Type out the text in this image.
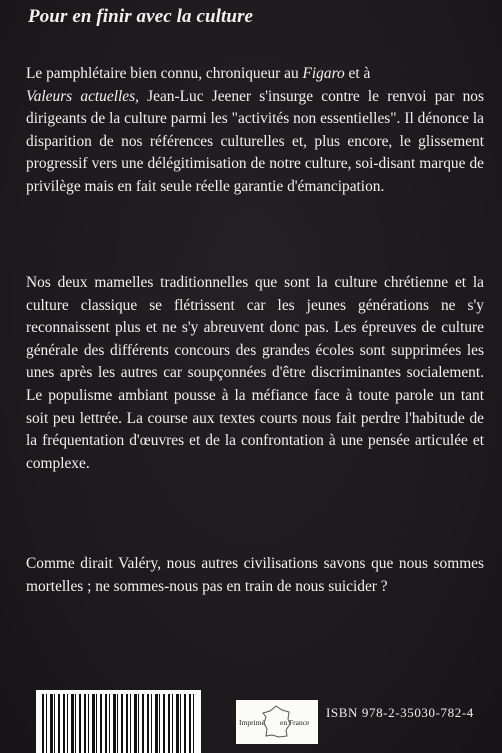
Pour en finir avec la culture

Le pamphlétaire bien connu, chroniqueur au Figaro et à
Valeurs actuelles, Jean-Luc Jeener s'insurge contre le renvoi par nos dirigeants de la culture parmi les "activités non essentielles". Il dénonce la disparition de nos références culturelles et, plus encore, le glissement progressif vers une délégitimisation de notre culture, soi-disant marque de privilège mais en fait seule réelle garantie d'émancipation.

Nos deux mamelles traditionnelles que sont la culture chrétienne et la culture classique se flétrissent car les jeunes générations ne s'y reconnaissent plus et ne s'y abreuvent donc pas. Les épreuves de culture générale des différents concours des grandes écoles sont supprimées les unes après les autres car soupçonnées d'être discriminantes socialement. Le populisme ambiant pousse à la méfiance face à toute parole un tant soit peu lettrée. La course aux textes courts nous fait perdre l'habitude de la fréquentation d'œuvres et de la confrontation à une pensée articulée et complexe.

Comme dirait Valéry, nous autres civilisations savons que nous sommes mortelles ; ne sommes-nous pas en train de nous suicider ?

Imprimé en France
ISBN 978-2-35030-782-4
